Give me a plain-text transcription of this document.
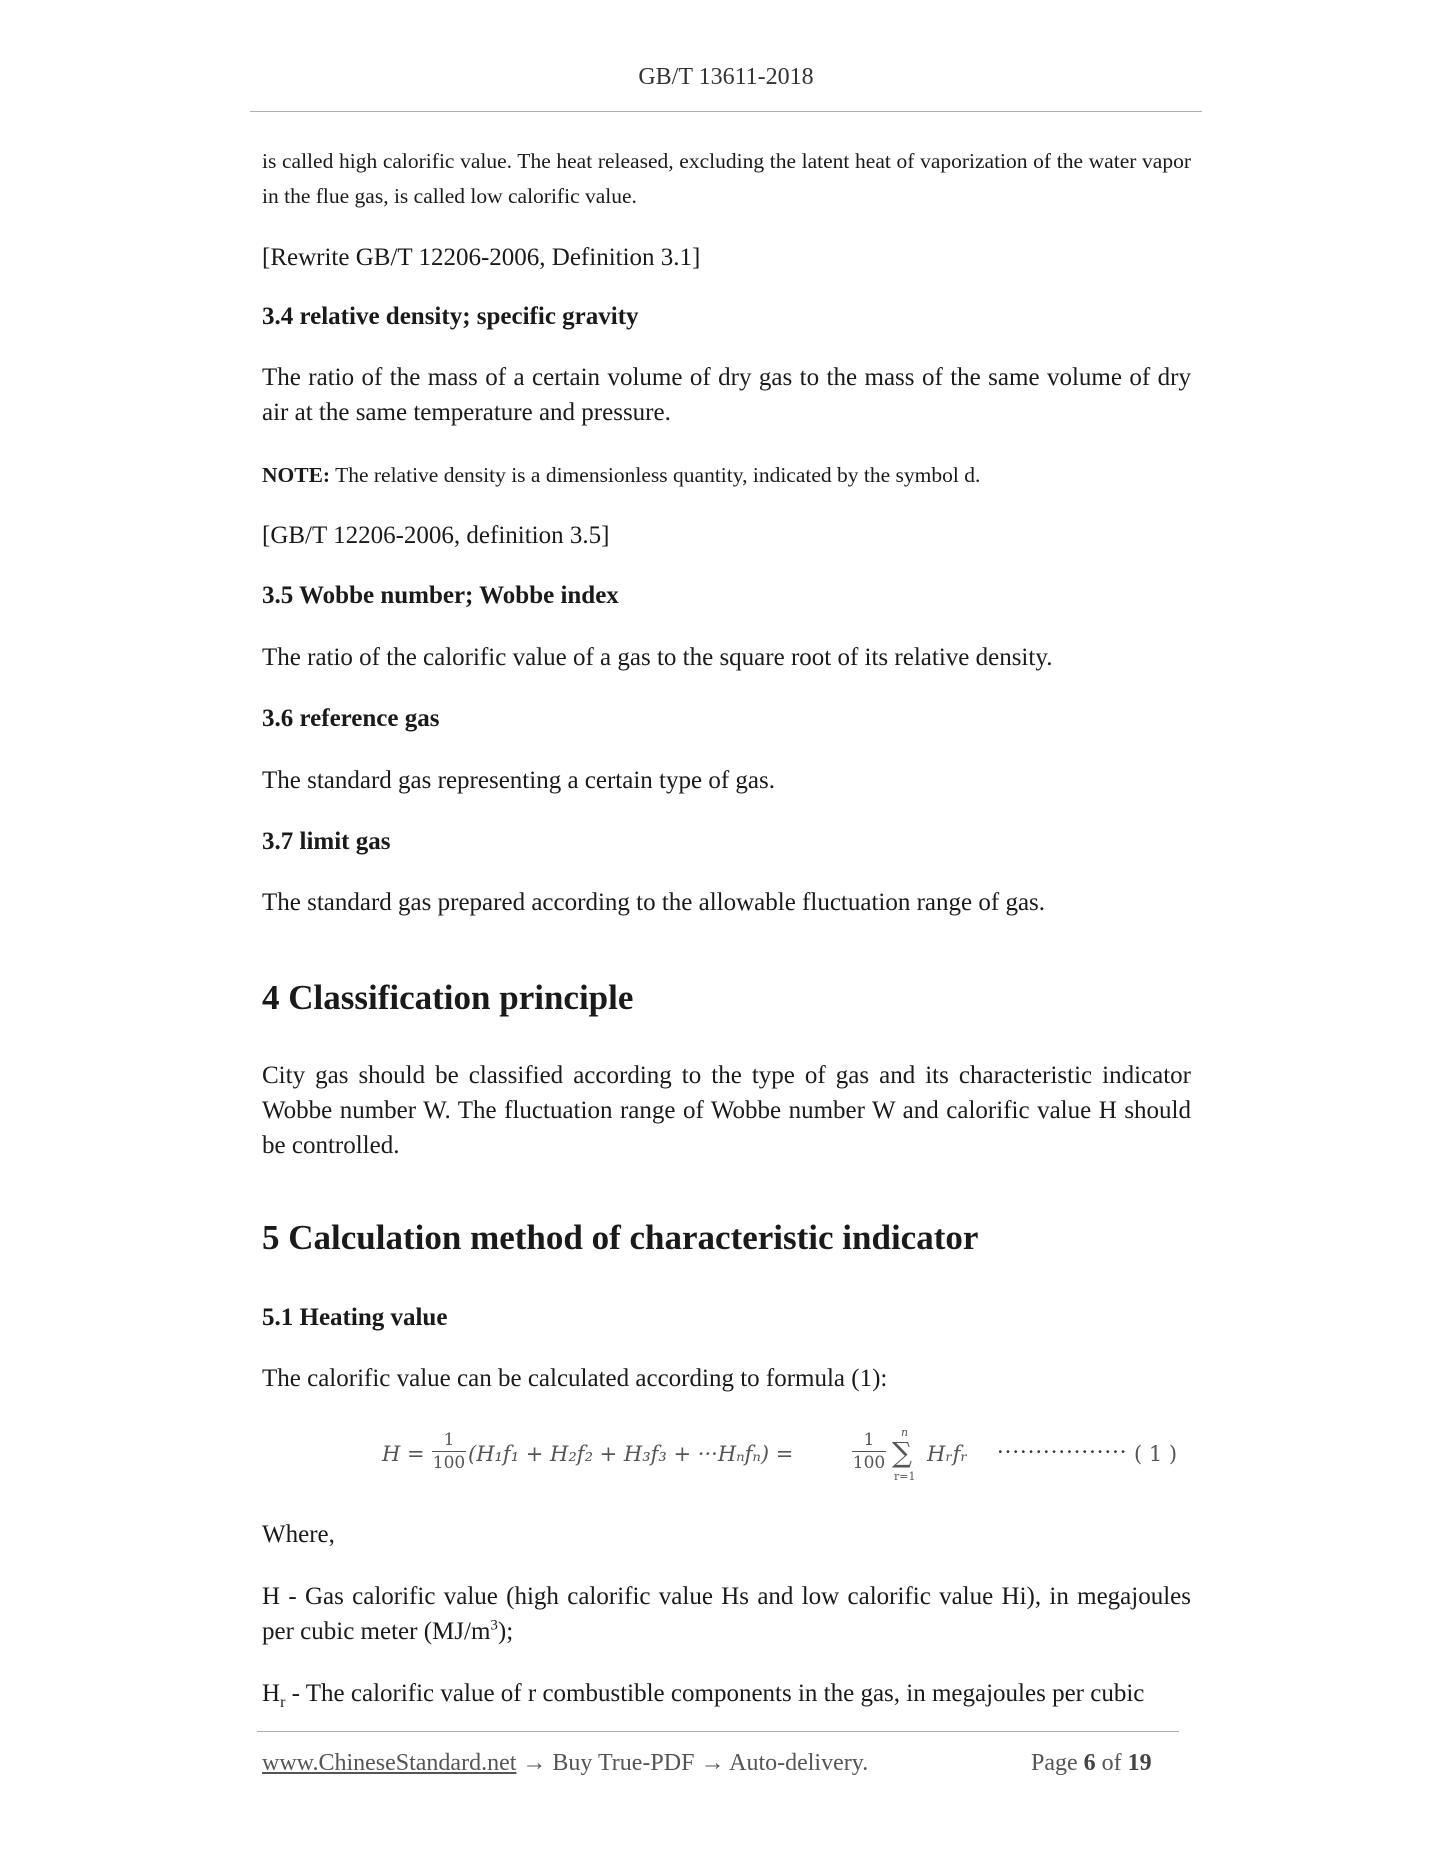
GB/T 13611-2018
is called high calorific value. The heat released, excluding the latent heat of vaporization of the water vapor in the flue gas, is called low calorific value.
[Rewrite GB/T 12206-2006, Definition 3.1]
3.4 relative density; specific gravity
The ratio of the mass of a certain volume of dry gas to the mass of the same volume of dry air at the same temperature and pressure.
NOTE: The relative density is a dimensionless quantity, indicated by the symbol d.
[GB/T 12206-2006, definition 3.5]
3.5 Wobbe number; Wobbe index
The ratio of the calorific value of a gas to the square root of its relative density.
3.6 reference gas
The standard gas representing a certain type of gas.
3.7 limit gas
The standard gas prepared according to the allowable fluctuation range of gas.
4 Classification principle
City gas should be classified according to the type of gas and its characteristic indicator Wobbe number W. The fluctuation range of Wobbe number W and calorific value H should be controlled.
5 Calculation method of characteristic indicator
5.1 Heating value
The calorific value can be calculated according to formula (1):
H =
1
100 (H₁f₁ + H₂f₂ + H₃f₃ + ···Hₙfₙ) =
1
100
n
∑
r=1
Hᵣfᵣ ················· ( 1 )
Where,
H - Gas calorific value (high calorific value Hs and low calorific value Hi), in megajoules per cubic meter $(MJ/m^3)$;
$H_r$ - The calorific value of r combustible components in the gas, in megajoules per cubic
www.ChineseStandard.net → Buy True-PDF → Auto-delivery.	Page 6 of 19
